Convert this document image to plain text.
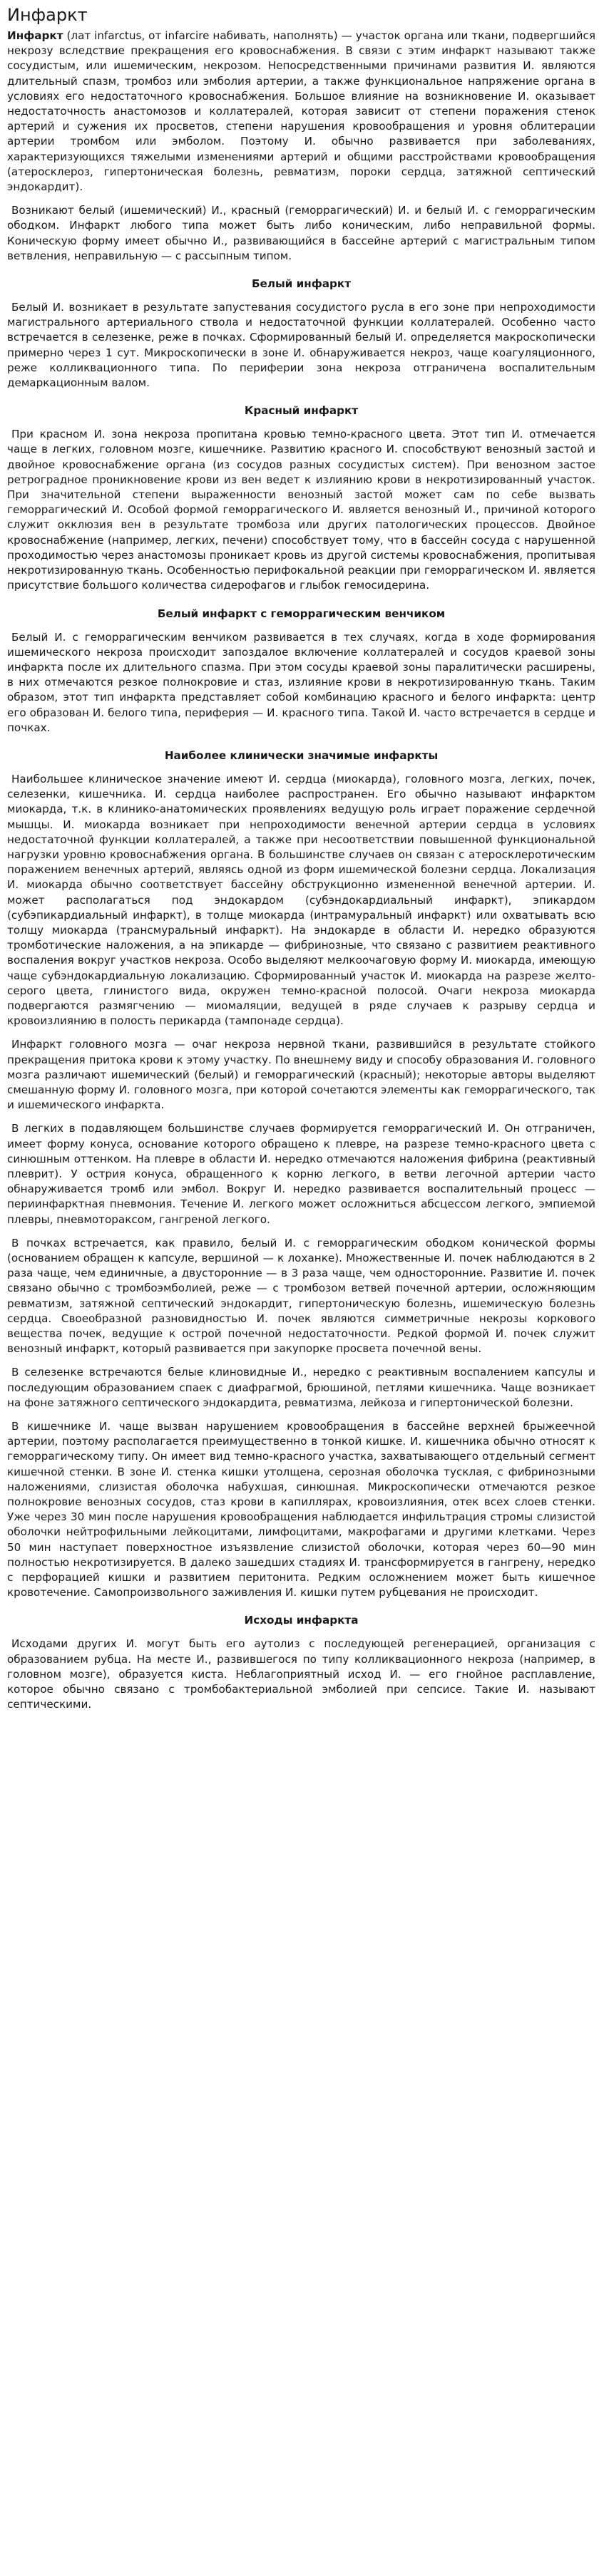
Инфаркт

Инфаркт (лат infarctus, от infarcire набивать, наполнять) — участок органа или ткани, подвергшийся некрозу вследствие прекращения его кровоснабжения. В связи с этим инфаркт называют также сосудистым, или ишемическим, некрозом. Непосредственными причинами развития И. являются длительный спазм, тромбоз или эмболия артерии, а также функциональное напряжение органа в условиях его недостаточного кровоснабжения. Большое влияние на возникновение И. оказывает недостаточность анастомозов и коллатералей, которая зависит от степени поражения стенок артерий и сужения их просветов, степени нарушения кровообращения и уровня облитерации артерии тромбом или эмболом. Поэтому И. обычно развивается при заболеваниях, характеризующихся тяжелыми изменениями артерий и общими расстройствами кровообращения (атеросклероз, гипертоническая болезнь, ревматизм, пороки сердца, затяжной септический эндокардит).

Возникают белый (ишемический) И., красный (геморрагический) И. и белый И. с геморрагическим ободком. Инфаркт любого типа может быть либо коническим, либо неправильной формы. Коническую форму имеет обычно И., развивающийся в бассейне артерий с магистральным типом ветвления, неправильную — с рассыпным типом.

Белый инфаркт

Белый И. возникает в результате запустевания сосудистого русла в его зоне при непроходимости магистрального артериального ствола и недостаточной функции коллатералей. Особенно часто встречается в селезенке, реже в почках. Сформированный белый И. определяется макроскопически примерно через 1 сут. Микроскопически в зоне И. обнаруживается некроз, чаще коагуляционного, реже колликвационного типа. По периферии зона некроза отграничена воспалительным демаркационным валом.

Красный инфаркт

При красном И. зона некроза пропитана кровью темно-красного цвета. Этот тип И. отмечается чаще в легких, головном мозге, кишечнике. Развитию красного И. способствуют венозный застой и двойное кровоснабжение органа (из сосудов разных сосудистых систем). При венозном застое ретроградное проникновение крови из вен ведет к излиянию крови в некротизированный участок. При значительной степени выраженности венозный застой может сам по себе вызвать геморрагический И. Особой формой геморрагического И. является венозный И., причиной которого служит окклюзия вен в результате тромбоза или других патологических процессов. Двойное кровоснабжение (например, легких, печени) способствует тому, что в бассейн сосуда с нарушенной проходимостью через анастомозы проникает кровь из другой системы кровоснабжения, пропитывая некротизированную ткань. Особенностью перифокальной реакции при геморрагическом И. является присутствие большого количества сидерофагов и глыбок гемосидерина.

Белый инфаркт с геморрагическим венчиком

Белый И. с геморрагическим венчиком развивается в тех случаях, когда в ходе формирования ишемического некроза происходит запоздалое включение коллатералей и сосудов краевой зоны инфаркта после их длительного спазма. При этом сосуды краевой зоны паралитически расширены, в них отмечаются резкое полнокровие и стаз, излияние крови в некротизированную ткань. Таким образом, этот тип инфаркта представляет собой комбинацию красного и белого инфаркта: центр его образован И. белого типа, периферия — И. красного типа. Такой И. часто встречается в сердце и почках.

Наиболее клинически значимые инфаркты

Наибольшее клиническое значение имеют И. сердца (миокарда), головного мозга, легких, почек, селезенки, кишечника. И. сердца наиболее распространен. Его обычно называют инфарктом миокарда, т.к. в клинико-анатомических проявлениях ведущую роль играет поражение сердечной мышцы. И. миокарда возникает при непроходимости венечной артерии сердца в условиях недостаточной функции коллатералей, а также при несоответствии повышенной функциональной нагрузки уровню кровоснабжения органа. В большинстве случаев он связан с атеросклеротическим поражением венечных артерий, являясь одной из форм ишемической болезни сердца. Локализация И. миокарда обычно соответствует бассейну обструкционно измененной венечной артерии. И. может располагаться под эндокардом (субэндокардиальный инфаркт), эпикардом (субэпикардиальный инфаркт), в толще миокарда (интрамуральный инфаркт) или охватывать всю толщу миокарда (трансмуральный инфаркт). На эндокарде в области И. нередко образуются тромботические наложения, а на эпикарде — фибринозные, что связано с развитием реактивного воспаления вокруг участков некроза. Особо выделяют мелкоочаговую форму И. миокарда, имеющую чаще субэндокардиальную локализацию. Сформированный участок И. миокарда на разрезе желто-серого цвета, глинистого вида, окружен темно-красной полосой. Очаги некроза миокарда подвергаются размягчению — миомаляции, ведущей в ряде случаев к разрыву сердца и кровоизлиянию в полость перикарда (тампонаде сердца).

Инфаркт головного мозга — очаг некроза нервной ткани, развившийся в результате стойкого прекращения притока крови к этому участку. По внешнему виду и способу образования И. головного мозга различают ишемический (белый) и геморрагический (красный); некоторые авторы выделяют смешанную форму И. головного мозга, при которой сочетаются элементы как геморрагического, так и ишемического инфаркта.

В легких в подавляющем большинстве случаев формируется геморрагический И. Он отграничен, имеет форму конуса, основание которого обращено к плевре, на разрезе темно-красного цвета с синюшным оттенком. На плевре в области И. нередко отмечаются наложения фибрина (реактивный плеврит). У острия конуса, обращенного к корню легкого, в ветви легочной артерии часто обнаруживается тромб или эмбол. Вокруг И. нередко развивается воспалительный процесс — периинфарктная пневмония. Течение И. легкого может осложниться абсцессом легкого, эмпиемой плевры, пневмотораксом, гангреной легкого.

В почках встречается, как правило, белый И. с геморрагическим ободком конической формы (основанием обращен к капсуле, вершиной — к лоханке). Множественные И. почек наблюдаются в 2 раза чаще, чем единичные, а двусторонние — в 3 раза чаще, чем односторонние. Развитие И. почек связано обычно с тромбоэмболией, реже — с тромбозом ветвей почечной артерии, осложняющим ревматизм, затяжной септический эндокардит, гипертоническую болезнь, ишемическую болезнь сердца. Своеобразной разновидностью И. почек являются симметричные некрозы коркового вещества почек, ведущие к острой почечной недостаточности. Редкой формой И. почек служит венозный инфаркт, который развивается при закупорке просвета почечной вены.

В селезенке встречаются белые клиновидные И., нередко с реактивным воспалением капсулы и последующим образованием спаек с диафрагмой, брюшиной, петлями кишечника. Чаще возникает на фоне затяжного септического эндокардита, ревматизма, лейкоза и гипертонической болезни.

В кишечнике И. чаще вызван нарушением кровообращения в бассейне верхней брыжеечной артерии, поэтому располагается преимущественно в тонкой кишке. И. кишечника обычно относят к геморрагическому типу. Он имеет вид темно-красного участка, захватывающего отдельный сегмент кишечной стенки. В зоне И. стенка кишки утолщена, серозная оболочка тусклая, с фибринозными наложениями, слизистая оболочка набухшая, синюшная. Микроскопически отмечаются резкое полнокровие венозных сосудов, стаз крови в капиллярах, кровоизлияния, отек всех слоев стенки. Уже через 30 мин после нарушения кровообращения наблюдается инфильтрация стромы слизистой оболочки нейтрофильными лейкоцитами, лимфоцитами, макрофагами и другими клетками. Через 50 мин наступает поверхностное изъязвление слизистой оболочки, которая через 60—90 мин полностью некротизируется. В далеко зашедших стадиях И. трансформируется в гангрену, нередко с перфорацией кишки и развитием перитонита. Редким осложнением может быть кишечное кровотечение. Самопроизвольного заживления И. кишки путем рубцевания не происходит.

Исходы инфаркта

Исходами других И. могут быть его аутолиз с последующей регенерацией, организация с образованием рубца. На месте И., развившегося по типу колликвационного некроза (например, в головном мозге), образуется киста. Неблагоприятный исход И. — его гнойное расплавление, которое обычно связано с тромбобактериальной эмболией при сепсисе. Такие И. называют септическими.
